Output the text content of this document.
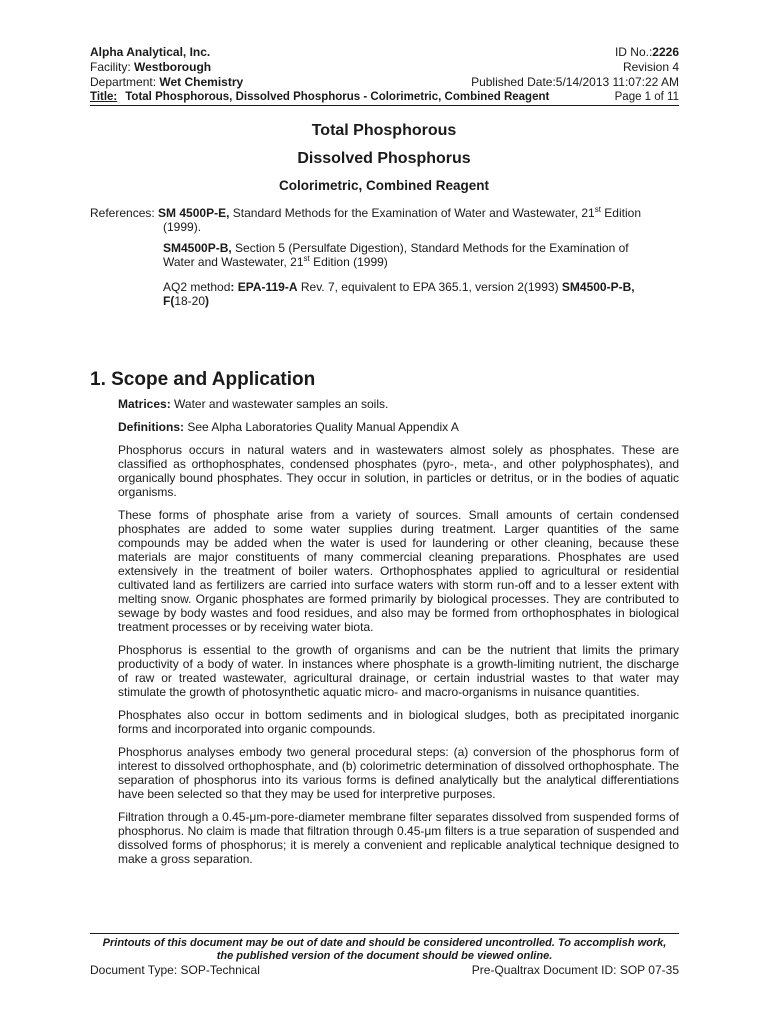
Alpha Analytical, Inc.	ID No.:2226
Facility: Westborough	Revision 4
Department: Wet Chemistry	Published Date:5/14/2013 11:07:22 AM
Title: Total Phosphorous, Dissolved Phosphorus - Colorimetric, Combined Reagent	Page 1 of 11
Total Phosphorous
Dissolved Phosphorus
Colorimetric, Combined Reagent
References: SM 4500P-E, Standard Methods for the Examination of Water and Wastewater, 21st Edition
(1999).
SM4500P-B, Section 5 (Persulfate Digestion), Standard Methods for the Examination of
Water and Wastewater, 21st Edition (1999)
AQ2 method: EPA-119-A Rev. 7, equivalent to EPA 365.1, version 2(1993) SM4500-P-B,
F(18-20)
1. Scope and Application

Matrices: Water and wastewater samples an soils.

Definitions: See Alpha Laboratories Quality Manual Appendix A

Phosphorus occurs in natural waters and in wastewaters almost solely as phosphates. These are classified as orthophosphates, condensed phosphates (pyro-, meta-, and other polyphosphates), and organically bound phosphates. They occur in solution, in particles or detritus, or in the bodies of aquatic organisms.

These forms of phosphate arise from a variety of sources. Small amounts of certain condensed phosphates are added to some water supplies during treatment. Larger quantities of the same compounds may be added when the water is used for laundering or other cleaning, because these materials are major constituents of many commercial cleaning preparations. Phosphates are used extensively in the treatment of boiler waters. Orthophosphates applied to agricultural or residential cultivated land as fertilizers are carried into surface waters with storm run-off and to a lesser extent with melting snow. Organic phosphates are formed primarily by biological processes. They are contributed to sewage by body wastes and food residues, and also may be formed from orthophosphates in biological treatment processes or by receiving water biota.

Phosphorus is essential to the growth of organisms and can be the nutrient that limits the primary productivity of a body of water. In instances where phosphate is a growth-limiting nutrient, the discharge of raw or treated wastewater, agricultural drainage, or certain industrial wastes to that water may stimulate the growth of photosynthetic aquatic micro- and macro-organisms in nuisance quantities.

Phosphates also occur in bottom sediments and in biological sludges, both as precipitated inorganic forms and incorporated into organic compounds.

Phosphorus analyses embody two general procedural steps: (a) conversion of the phosphorus form of interest to dissolved orthophosphate, and (b) colorimetric determination of dissolved orthophosphate. The separation of phosphorus into its various forms is defined analytically but the analytical differentiations have been selected so that they may be used for interpretive purposes.

Filtration through a 0.45-μm-pore-diameter membrane filter separates dissolved from suspended forms of phosphorus. No claim is made that filtration through 0.45-μm filters is a true separation of suspended and dissolved forms of phosphorus; it is merely a convenient and replicable analytical technique designed to make a gross separation.

Printouts of this document may be out of date and should be considered uncontrolled. To accomplish work,
the published version of the document should be viewed online.
Document Type: SOP-Technical	Pre-Qualtrax Document ID: SOP 07-35
